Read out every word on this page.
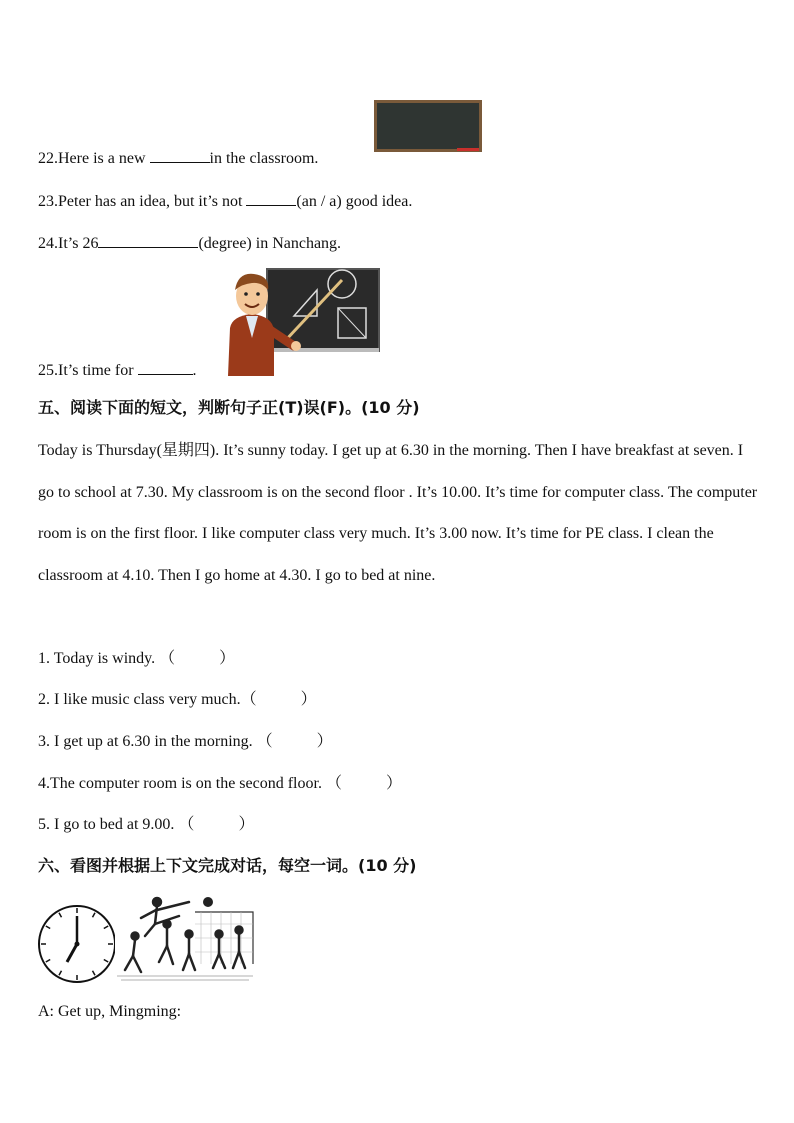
22.Here is a new	in the classroom.
23.Peter has an idea, but it’s not	(an / a) good idea.
24.It’s 26	(degree) in Nanchang.
25.It’s time for	.
五、阅读下面的短文，判断句子正(T)误(F)。(10 分)
Today is Thursday(星期四). It’s sunny today. I get up at 6.30 in the morning. Then I have breakfast at seven. I go to school at 7.30. My classroom is on the second floor . It’s 10.00. It’s time for computer class. The computer room is on the first floor. I like computer class very much. It’s 3.00 now. It’s time for PE class. I clean the classroom at 4.10. Then I go home at 4.30. I go to bed at nine.
1. Today is windy. （	）
2. I like music class very much.（	）
3. I get up at 6.30 in the morning. （	）
4.The computer room is on the second floor. （	）
5. I go to bed at 9.00. （	）
六、看图并根据上下文完成对话，每空一词。(10 分)
A: Get up, Mingming:
